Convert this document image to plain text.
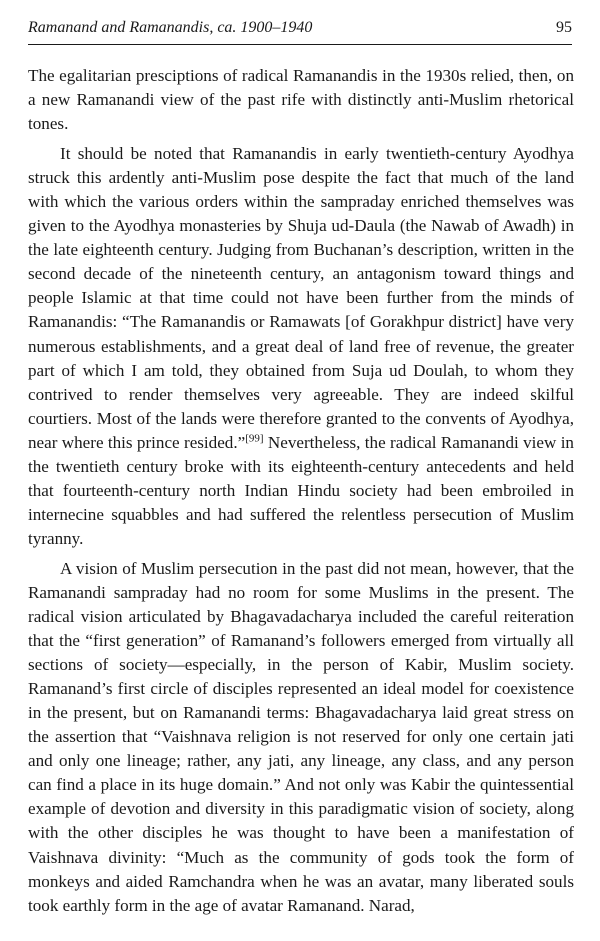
Ramanand and Ramanandis, ca. 1900–1940	95

The egalitarian presciptions of radical Ramanandis in the 1930s relied, then, on a new Ramanandi view of the past rife with distinctly anti-Muslim rhetorical tones.

It should be noted that Ramanandis in early twentieth-century Ayodhya struck this ardently anti-Muslim pose despite the fact that much of the land with which the various orders within the sampraday enriched themselves was given to the Ayodhya monasteries by Shuja ud-Daula (the Nawab of Awadh) in the late eighteenth century. Judging from Buchanan’s description, written in the second decade of the nineteenth century, an antagonism toward things and people Islamic at that time could not have been further from the minds of Ramanandis: “The Ramanandis or Ramawats [of Gorakhpur district] have very numerous establishments, and a great deal of land free of revenue, the greater part of which I am told, they obtained from Suja ud Doulah, to whom they contrived to render themselves very agreeable. They are indeed skilful courtiers. Most of the lands were therefore granted to the convents of Ayodhya, near where this prince resided.”[99] Nevertheless, the radical Ramanandi view in the twentieth century broke with its eighteenth-century antecedents and held that fourteenth-century north Indian Hindu society had been embroiled in internecine squabbles and had suffered the relentless persecution of Muslim tyranny.

A vision of Muslim persecution in the past did not mean, however, that the Ramanandi sampraday had no room for some Muslims in the present. The radical vision articulated by Bhagavadacharya included the careful reiteration that the “first generation” of Ramanand’s followers emerged from virtually all sections of society—especially, in the person of Kabir, Muslim society. Ramanand’s first circle of disciples represented an ideal model for coexistence in the present, but on Ramanandi terms: Bhagavadacharya laid great stress on the assertion that “Vaishnava religion is not reserved for only one certain jati and only one lineage; rather, any jati, any lineage, any class, and any person can find a place in its huge domain.” And not only was Kabir the quintessential example of devotion and diversity in this paradigmatic vision of society, along with the other disciples he was thought to have been a manifestation of Vaishnava divinity: “Much as the community of gods took the form of monkeys and aided Ramchandra when he was an avatar, many liberated souls took earthly form in the age of avatar Ramanand. Narad,
